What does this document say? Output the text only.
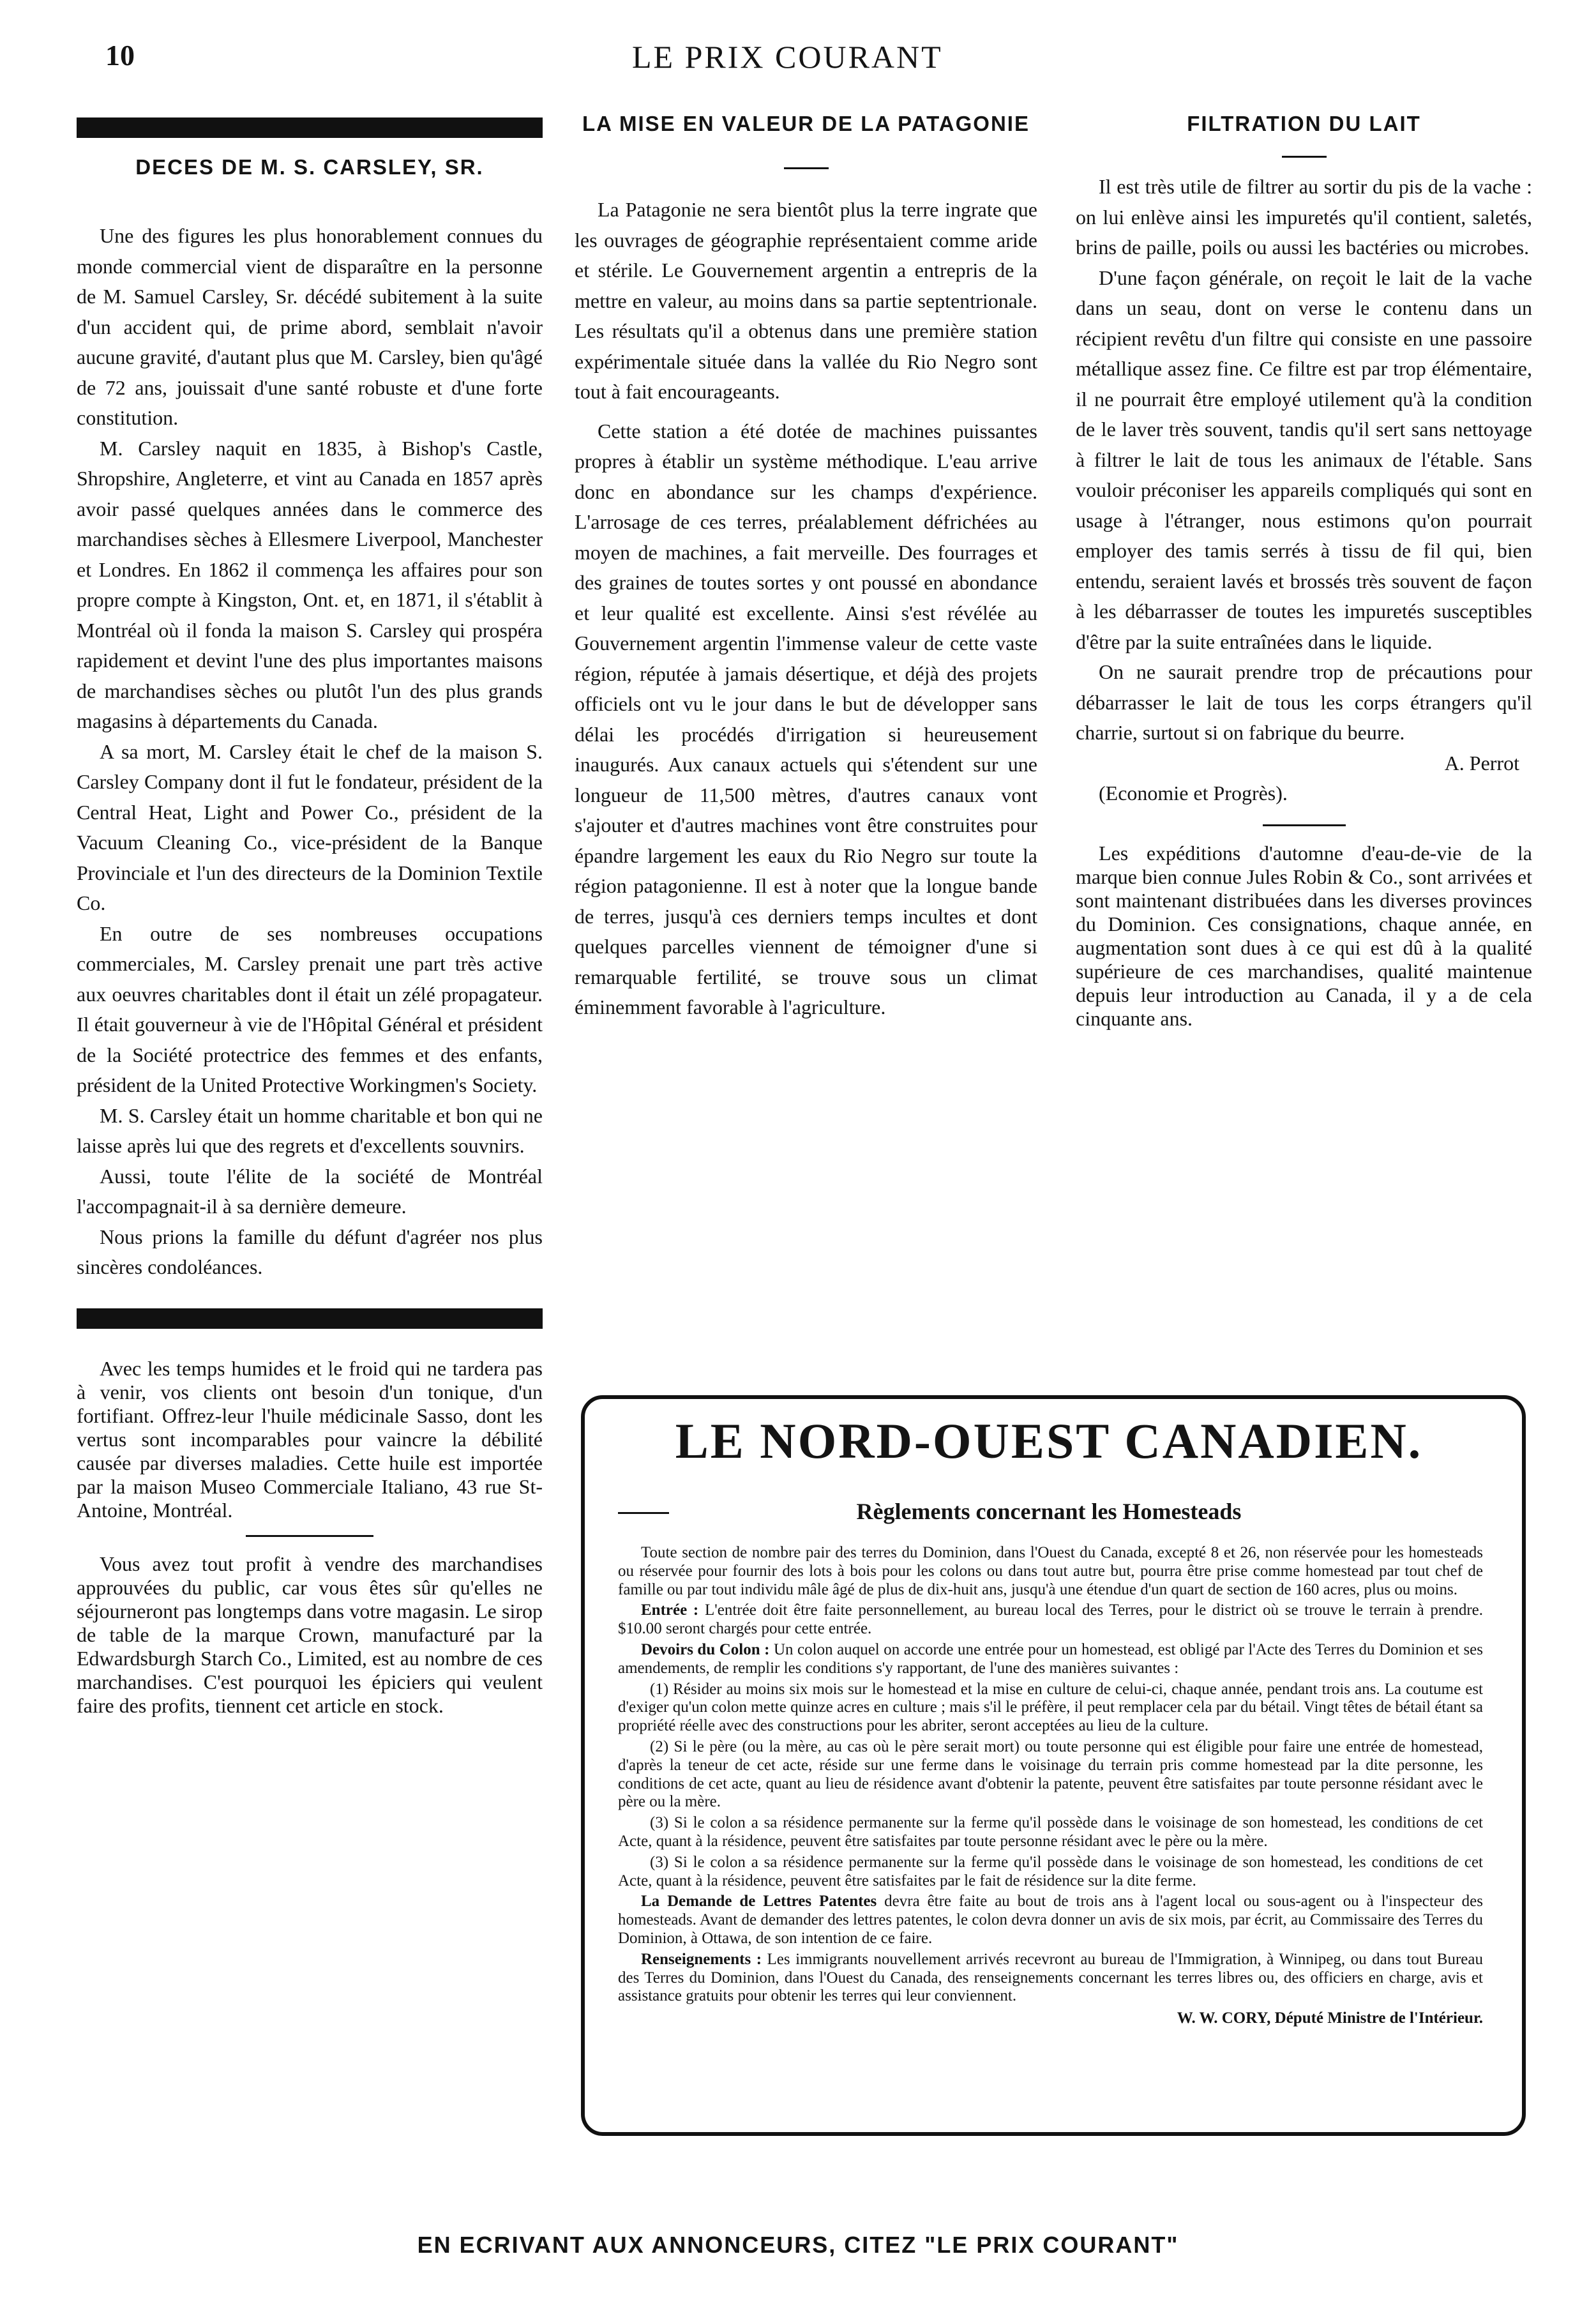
10	LE PRIX COURANT
DECES DE M. S. CARSLEY, SR.

Une des figures les plus honorablement connues du monde commercial vient de disparaître en la personne de M. Samuel Carsley, Sr. décédé subitement à la suite d'un accident qui, de prime abord, semblait n'avoir aucune gravité, d'autant plus que M. Carsley, bien qu'âgé de 72 ans, jouissait d'une santé robuste et d'une forte constitution.

M. Carsley naquit en 1835, à Bishop's Castle, Shropshire, Angleterre, et vint au Canada en 1857 après avoir passé quelques années dans le commerce des marchandises sèches à Ellesmere Liverpool, Manchester et Londres. En 1862 il commença les affaires pour son propre compte à Kingston, Ont. et, en 1871, il s'établit à Montréal où il fonda la maison S. Carsley qui prospéra rapidement et devint l'une des plus importantes maisons de marchandises sèches ou plutôt l'un des plus grands magasins à départements du Canada.

A sa mort, M. Carsley était le chef de la maison S. Carsley Company dont il fut le fondateur, président de la Central Heat, Light and Power Co., président de la Vacuum Cleaning Co., vice-président de la Banque Provinciale et l'un des directeurs de la Dominion Textile Co.

En outre de ses nombreuses occupations commerciales, M. Carsley prenait une part très active aux oeuvres charitables dont il était un zélé propagateur. Il était gouverneur à vie de l'Hôpital Général et président de la Société protectrice des femmes et des enfants, président de la United Protective Workingmen's Society.

M. S. Carsley était un homme charitable et bon qui ne laisse après lui que des regrets et d'excellents souvnirs.

Aussi, toute l'élite de la société de Montréal l'accompagnait-il à sa dernière demeure.

Nous prions la famille du défunt d'agréer nos plus sincères condoléances.

Avec les temps humides et le froid qui ne tardera pas à venir, vos clients ont besoin d'un tonique, d'un fortifiant. Offrez-leur l'huile médicinale Sasso, dont les vertus sont incomparables pour vaincre la débilité causée par diverses maladies. Cette huile est importée par la maison Museo Commerciale Italiano, 43 rue St-Antoine, Montréal.

Vous avez tout profit à vendre des marchandises approuvées du public, car vous êtes sûr qu'elles ne séjourneront pas longtemps dans votre magasin. Le sirop de table de la marque Crown, manufacturé par la Edwardsburgh Starch Co., Limited, est au nombre de ces marchandises. C'est pourquoi les épiciers qui veulent faire des profits, tiennent cet article en stock.

LA MISE EN VALEUR DE LA PATAGONIE

La Patagonie ne sera bientôt plus la terre ingrate que les ouvrages de géographie représentaient comme aride et stérile. Le Gouvernement argentin a entrepris de la mettre en valeur, au moins dans sa partie septentrionale. Les résultats qu'il a obtenus dans une première station expérimentale située dans la vallée du Rio Negro sont tout à fait encourageants.

Cette station a été dotée de machines puissantes propres à établir un système méthodique. L'eau arrive donc en abondance sur les champs d'expérience. L'arrosage de ces terres, préalablement défrichées au moyen de machines, a fait merveille. Des fourrages et des graines de toutes sortes y ont poussé en abondance et leur qualité est excellente. Ainsi s'est révélée au Gouvernement argentin l'immense valeur de cette vaste région, réputée à jamais désertique, et déjà des projets officiels ont vu le jour dans le but de développer sans délai les procédés d'irrigation si heureusement inaugurés. Aux canaux actuels qui s'étendent sur une longueur de 11,500 mètres, d'autres canaux vont s'ajouter et d'autres machines vont être construites pour épandre largement les eaux du Rio Negro sur toute la région patagonienne. Il est à noter que la longue bande de terres, jusqu'à ces derniers temps incultes et dont quelques parcelles viennent de témoigner d'une si remarquable fertilité, se trouve sous un climat éminemment favorable à l'agriculture.

FILTRATION DU LAIT

Il est très utile de filtrer au sortir du pis de la vache : on lui enlève ainsi les impuretés qu'il contient, saletés, brins de paille, poils ou aussi les bactéries ou microbes.

D'une façon générale, on reçoit le lait de la vache dans un seau, dont on verse le contenu dans un récipient revêtu d'un filtre qui consiste en une passoire métallique assez fine. Ce filtre est par trop élémentaire, il ne pourrait être employé utilement qu'à la condition de le laver très souvent, tandis qu'il sert sans nettoyage à filtrer le lait de tous les animaux de l'étable. Sans vouloir préconiser les appareils compliqués qui sont en usage à l'étranger, nous estimons qu'on pourrait employer des tamis serrés à tissu de fil qui, bien entendu, seraient lavés et brossés très souvent de façon à les débarrasser de toutes les impuretés susceptibles d'être par la suite entraînées dans le liquide.

On ne saurait prendre trop de précautions pour débarrasser le lait de tous les corps étrangers qu'il charrie, surtout si on fabrique du beurre.

A. Perrot
(Economie et Progrès).

Les expéditions d'automne d'eau-de-vie de la marque bien connue Jules Robin & Co., sont arrivées et sont maintenant distribuées dans les diverses provinces du Dominion. Ces consignations, chaque année, en augmentation sont dues à ce qui est dû à la qualité supérieure de ces marchandises, qualité maintenue depuis leur introduction au Canada, il y a de cela cinquante ans.

LE NORD-OUEST CANADIEN.
Règlements concernant les Homesteads

Toute section de nombre pair des terres du Dominion, dans l'Ouest du Canada, excepté 8 et 26, non réservée pour les homesteads ou réservée pour fournir des lots à bois pour les colons ou dans tout autre but, pourra être prise comme homestead par tout chef de famille ou par tout individu mâle âgé de plus de dix-huit ans, jusqu'à une étendue d'un quart de section de 160 acres, plus ou moins.

Entrée : L'entrée doit être faite personnellement, au bureau local des Terres, pour le district où se trouve le terrain à prendre. $10.00 seront chargés pour cette entrée.

Devoirs du Colon : Un colon auquel on accorde une entrée pour un homestead, est obligé par l'Acte des Terres du Dominion et ses amendements, de remplir les conditions s'y rapportant, de l'une des manières suivantes :

(1) Résider au moins six mois sur le homestead et la mise en culture de celui-ci, chaque année, pendant trois ans. La coutume est d'exiger qu'un colon mette quinze acres en culture ; mais s'il le préfère, il peut remplacer cela par du bétail. Vingt têtes de bétail étant sa propriété réelle avec des constructions pour les abriter, seront acceptées au lieu de la culture.

(2) Si le père (ou la mère, au cas où le père serait mort) ou toute personne qui est éligible pour faire une entrée de homestead, d'après la teneur de cet acte, réside sur une ferme dans le voisinage du terrain pris comme homestead par la dite personne, les conditions de cet acte, quant au lieu de résidence avant d'obtenir la patente, peuvent être satisfaites par toute personne résidant avec le père ou la mère.

(3) Si le colon a sa résidence permanente sur la ferme qu'il possède dans le voisinage de son homestead, les conditions de cet Acte, quant à la résidence, peuvent être satisfaites par toute personne résidant avec le père ou la mère.

(3) Si le colon a sa résidence permanente sur la ferme qu'il possède dans le voisinage de son homestead, les conditions de cet Acte, quant à la résidence, peuvent être satisfaites par le fait de résidence sur la dite ferme.

La Demande de Lettres Patentes devra être faite au bout de trois ans à l'agent local ou sous-agent ou à l'inspecteur des homesteads. Avant de demander des lettres patentes, le colon devra donner un avis de six mois, par écrit, au Commissaire des Terres du Dominion, à Ottawa, de son intention de ce faire.

Renseignements : Les immigrants nouvellement arrivés recevront au bureau de l'Immigration, à Winnipeg, ou dans tout Bureau des Terres du Dominion, dans l'Ouest du Canada, des renseignements concernant les terres libres ou, des officiers en charge, avis et assistance gratuits pour obtenir les terres qui leur conviennent.

W. W. CORY, Député Ministre de l'Intérieur.

EN ECRIVANT AUX ANNONCEURS, CITEZ "LE PRIX COURANT"
